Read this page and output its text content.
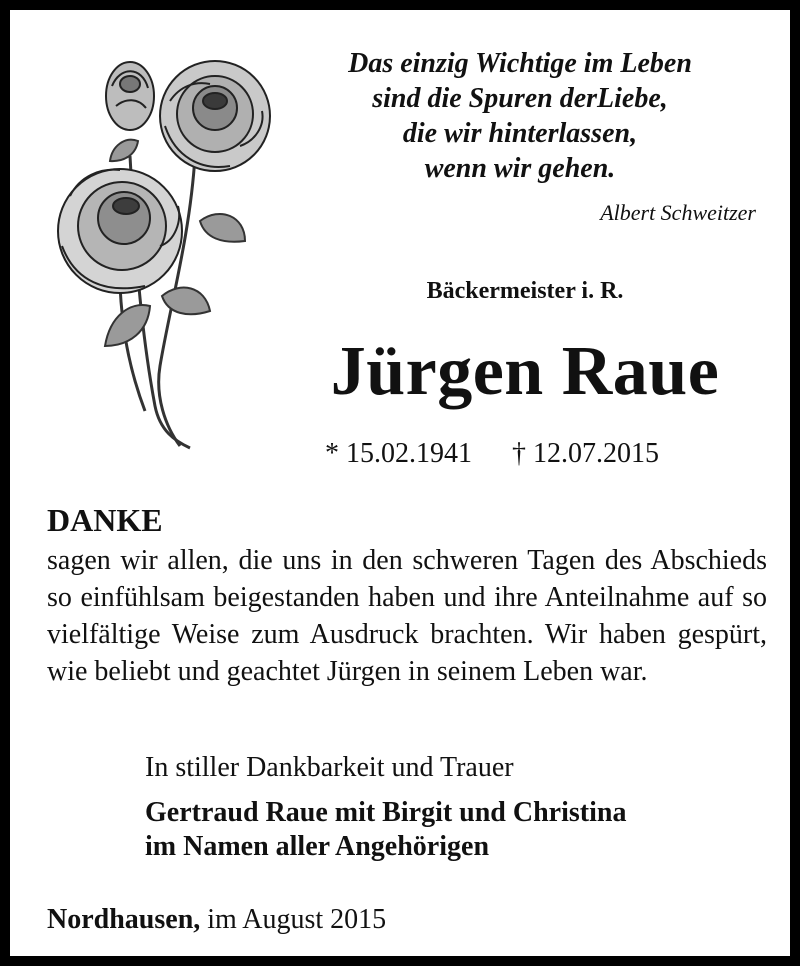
Das einzig Wichtige im Leben
sind die Spuren derLiebe,
die wir hinterlassen,
wenn wir gehen.
Albert Schweitzer
Bäckermeister i. R.
Jürgen Raue
* 15.02.1941 † 12.07.2015
DANKE
sagen wir allen, die uns in den schweren Tagen des Abschieds so einfühlsam beigestanden haben und ihre Anteilnahme auf so vielfältige Weise zum Ausdruck brachten. Wir haben gespürt, wie beliebt und geachtet Jürgen in seinem Leben war.
In stiller Dankbarkeit und Trauer
Gertraud Raue mit Birgit und Christina
im Namen aller Angehörigen
Nordhausen, im August 2015
